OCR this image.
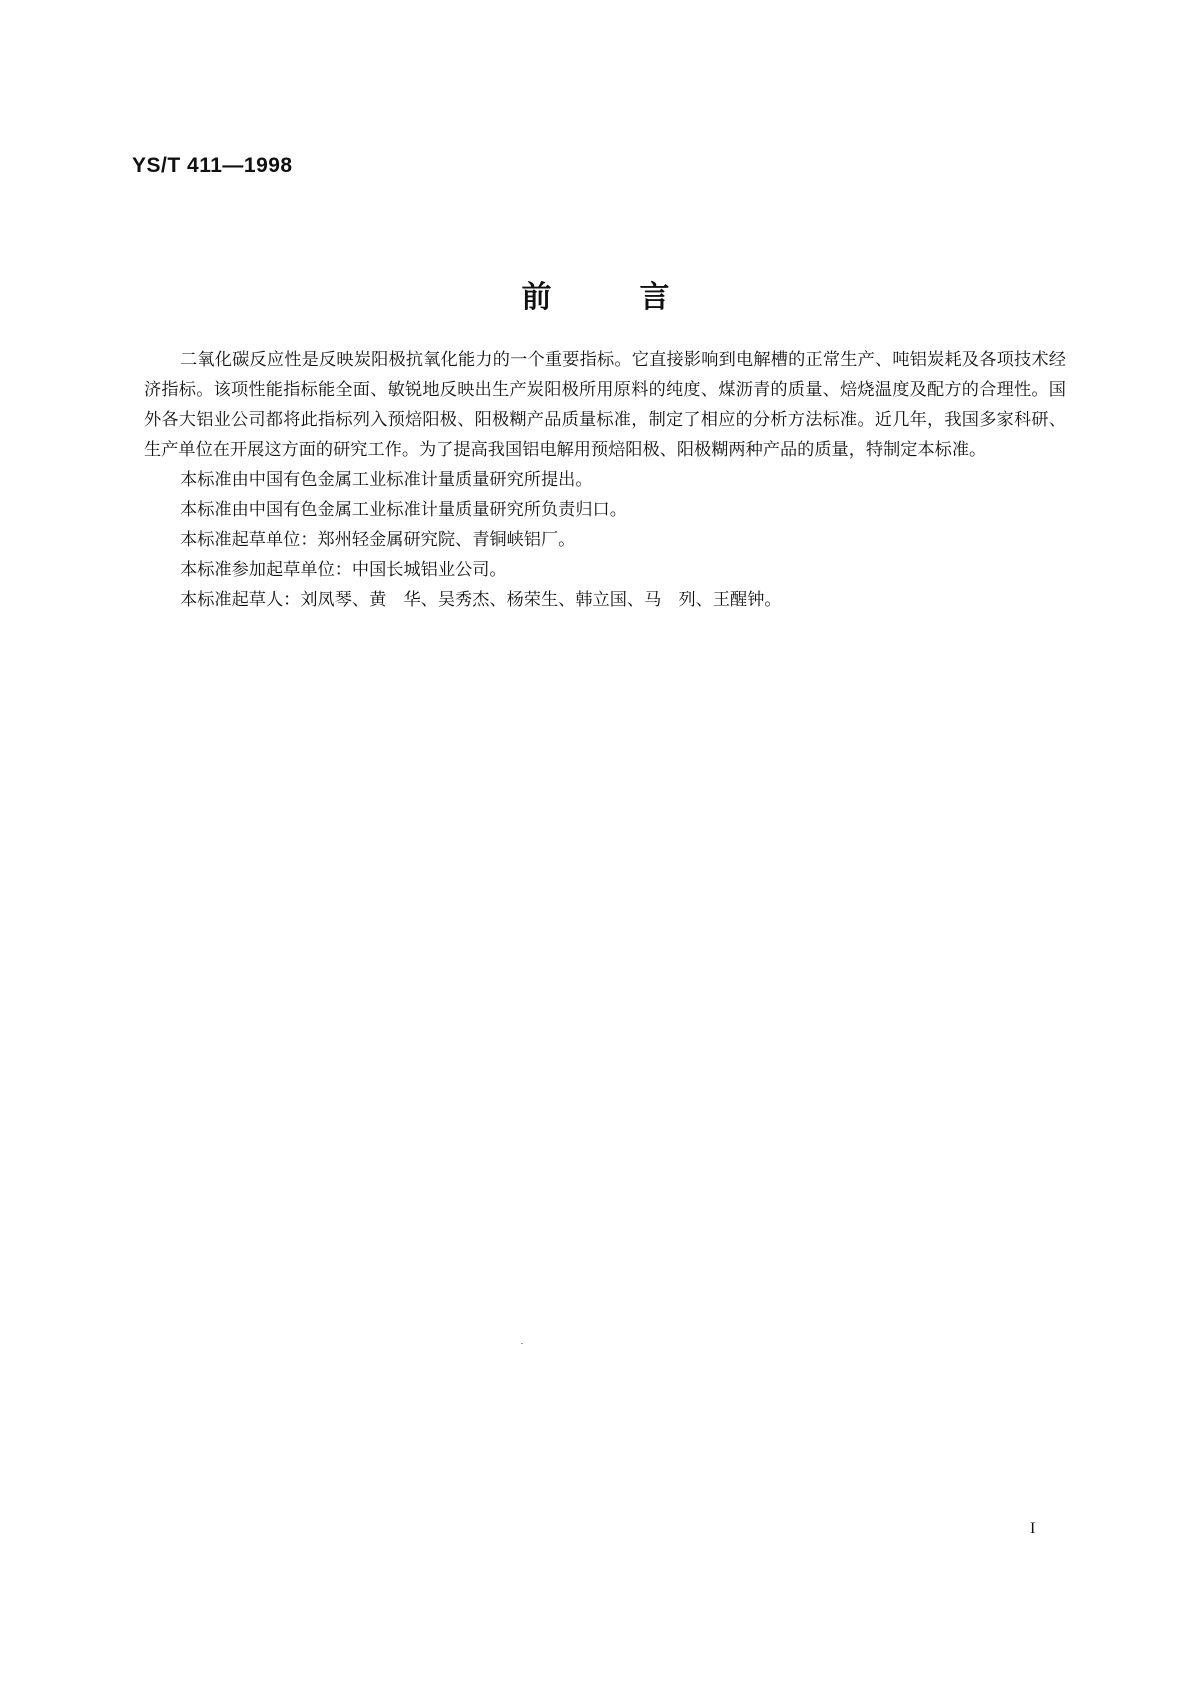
YS/T 411—1998
前言

二氧化碳反应性是反映炭阳极抗氧化能力的一个重要指标。它直接影响到电解槽的正常生产、吨铝炭耗及各项技术经济指标。该项性能指标能全面、敏锐地反映出生产炭阳极所用原料的纯度、煤沥青的质量、焙烧温度及配方的合理性。国外各大铝业公司都将此指标列入预焙阳极、阳极糊产品质量标准，制定了相应的分析方法标准。近几年，我国多家科研、生产单位在开展这方面的研究工作。为了提高我国铝电解用预焙阳极、阳极糊两种产品的质量，特制定本标准。

本标准由中国有色金属工业标准计量质量研究所提出。

本标准由中国有色金属工业标准计量质量研究所负责归口。

本标准起草单位：郑州轻金属研究院、青铜峡铝厂。

本标准参加起草单位：中国长城铝业公司。

本标准起草人：刘凤琴、黄　华、吴秀杰、杨荣生、韩立国、马　列、王醒钟。

I
